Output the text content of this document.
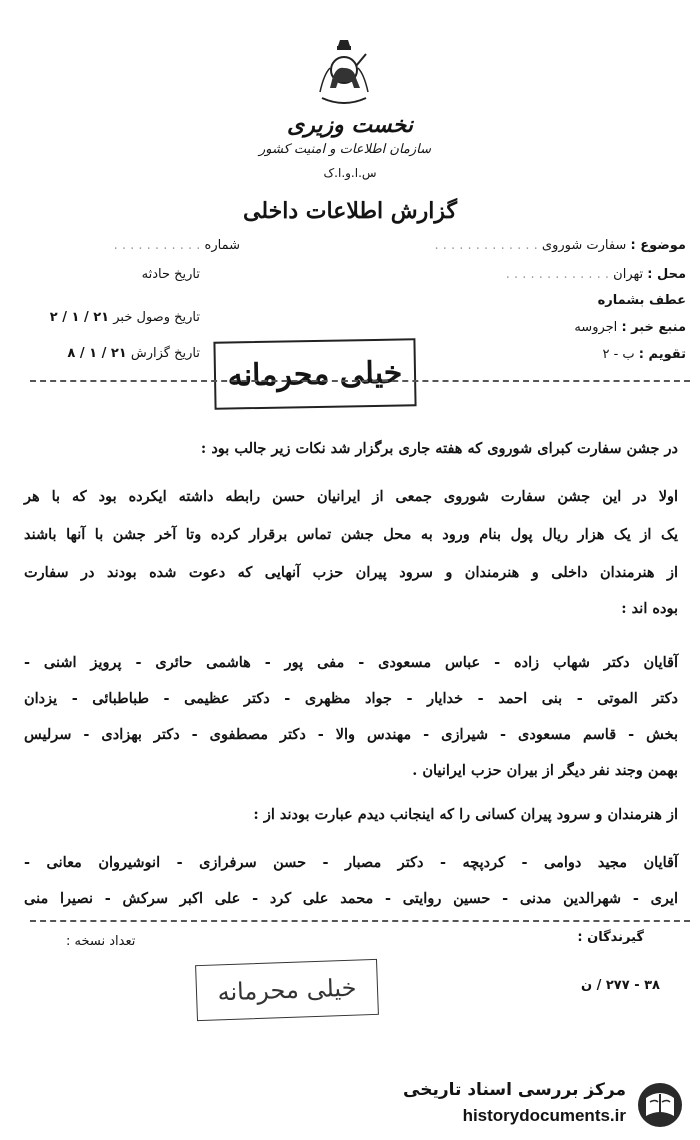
نخست وزیری
سازمان اطلاعات و امنیت کشور
س.ا.و.ا.ک
گزارش اطلاعات داخلی
موضوع : سفارت شوروی . . . . . . . . . . . . .
محل : تهران . . . . . . . . . . . . .
عطف بشماره
منبع خبر : اجروسه
تقویم : ب - ۲
شماره . . . . . . . . . . .
تاریخ حادثه
تاریخ وصول خبر ۲۱ / ۱ / ۲
تاریخ گزارش ۲۱ / ۱ / ۸
خیلی محرمانه
در جشن سفارت کبرای شوروی که هفته جاری برگزار شد نکات زیر جالب بود :
اولا در این جشن سفارت شوروی جمعی از ایرانیان حسن رابطه داشته ایکرده بود که با هر
یک از یک هزار ریال پول بنام ورود به محل جشن تماس برقرار کرده وتا آخر جشن با آنها باشند
از هنرمندان داخلی و هنرمندان و سرود پیران حزب آنهایی که دعوت شده بودند در سفارت
بوده اند :
آقایان دکتر شهاب زاده - عباس مسعودی - مفی پور - هاشمی حائری - پرویز اشنی -
دکتر الموتی - بنی احمد - خدایار - جواد مظهری - دکتر عظیمی - طباطبائی - یزدان
بخش - قاسم مسعودی - شیرازی - مهندس والا - دکتر مصطفوی - دکتر بهزادی - سرلیس
بهمن وجند نفر دیگر از بیران حزب ایرانیان .
از هنرمندان و سرود پیران کسانی را که اینجانب دیدم عبارت بودند از :
آقایان مجید دوامی - کردپچه - دکتر مصبار - حسن سرفرازی - انوشیروان معانی -
ایری - شهرالدین مدنی - حسین روایتی - محمد علی کرد - علی اکبر سرکش - نصیرا منی
گیرندگان :
تعداد نسخه :
۳۸ - ۲۷۷ / ن
خیلی محرمانه
مرکز بررسی اسناد تاریخی
historydocuments.ir
